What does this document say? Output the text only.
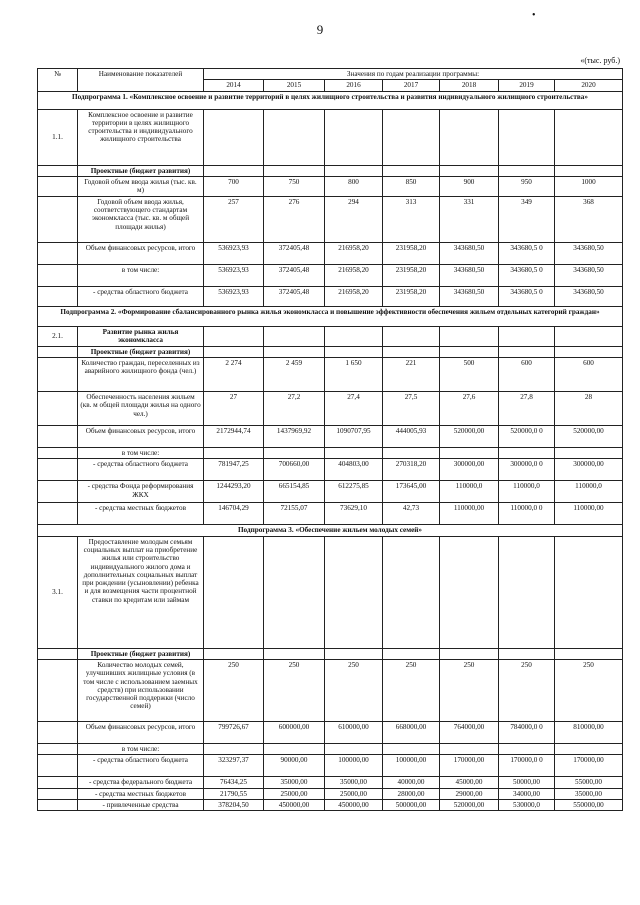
•
9
«(тыс. руб.)
№	Наименование показателей	Значения по годам реализации программы:						
		2014	2015	2016	2017	2018	2019	2020
Подпрограмма 1. «Комплексное освоение и развитие территорий в целях жилищного строительства и развития индивидуального жилищного строительства»								
1.1.	Комплексное освоение и развитие территории в целях жилищного строительства и индивидуального жилищного строительства							
	Проектные (бюджет развития)							
	Годовой объем ввода жилья (тыс. кв. м)	700	750	800	850	900	950	1000
	Годовой объем ввода жилья, соответствующего стандартам экономкласса (тыс. кв. м общей площади жилья)	257	276	294	313	331	349	368
	Объем финансовых ресурсов, итого	536923,93	372405,48	216958,20	231958,20	343680,50	343680,5 0	343680,50
	в том числе:	536923,93	372405,48	216958,20	231958,20	343680,50	343680,5 0	343680,50
	- средства областного бюджета	536923,93	372405,48	216958,20	231958,20	343680,50	343680,5 0	343680,50
Подпрограмма 2. «Формирование сбалансированного рынка жилья экономкласса и повышение эффективности обеспечения жильем отдельных категорий граждан»								
2.1.	Развитие рынка жилья экономкласса							
	Проектные (бюджет развития)							
	Количество граждан, переселенных из аварийного жилищного фонда (чел.)	2 274	2 459	1 650	221	500	600	600
	Обеспеченность населения жильем (кв. м общей площади жилья на одного чел.)	27	27,2	27,4	27,5	27,6	27,8	28
	Объем финансовых ресурсов, итого	2172944,74	1437969,92	1090707,95	444005,93	520000,00	520000,0 0	520000,00
	в том числе:							
	- средства областного бюджета	781947,25	700660,00	404803,00	270318,20	300000,00	300000,0 0	300000,00
	- средства Фонда реформирования ЖКХ	1244293,20	665154,85	612275,85	173645,00	110000,0	110000,0	110000,0
	- средства местных бюджетов	146704,29	72155,07	73629,10	42,73	110000,00	110000,0 0	110000,00
Подпрограмма 3. «Обеспечение жильем молодых семей»								
3.1.	Предоставление молодым семьям социальных выплат на приобретение жилья или строительство индивидуального жилого дома и дополнительных социальных выплат при рождении (усыновлении) ребенка и для возмещения части процентной ставки по кредитам или займам							
	Проектные (бюджет развития)							
	Количество молодых семей, улучшивших жилищные условия (в том числе с использованием заемных средств) при использовании государственной поддержки (число семей)	250	250	250	250	250	250	250
	Объем финансовых ресурсов, итого	799726,67	600000,00	610000,00	668000,00	764000,00	784000,0 0	810000,00
	в том числе:							
	- средства областного бюджета	323297,37	90000,00	100000,00	100000,00	170000,00	170000,0 0	170000,00
	- средства федерального бюджета	76434,25	35000,00	35000,00	40000,00	45000,00	50000,00	55000,00
	- средства местных бюджетов	21790,55	25000,00	25000,00	28000,00	29000,00	34000,00	35000,00
	- привлеченные средства	378204,50	450000,00	450000,00	500000,00	520000,00	530000,0	550000,00
